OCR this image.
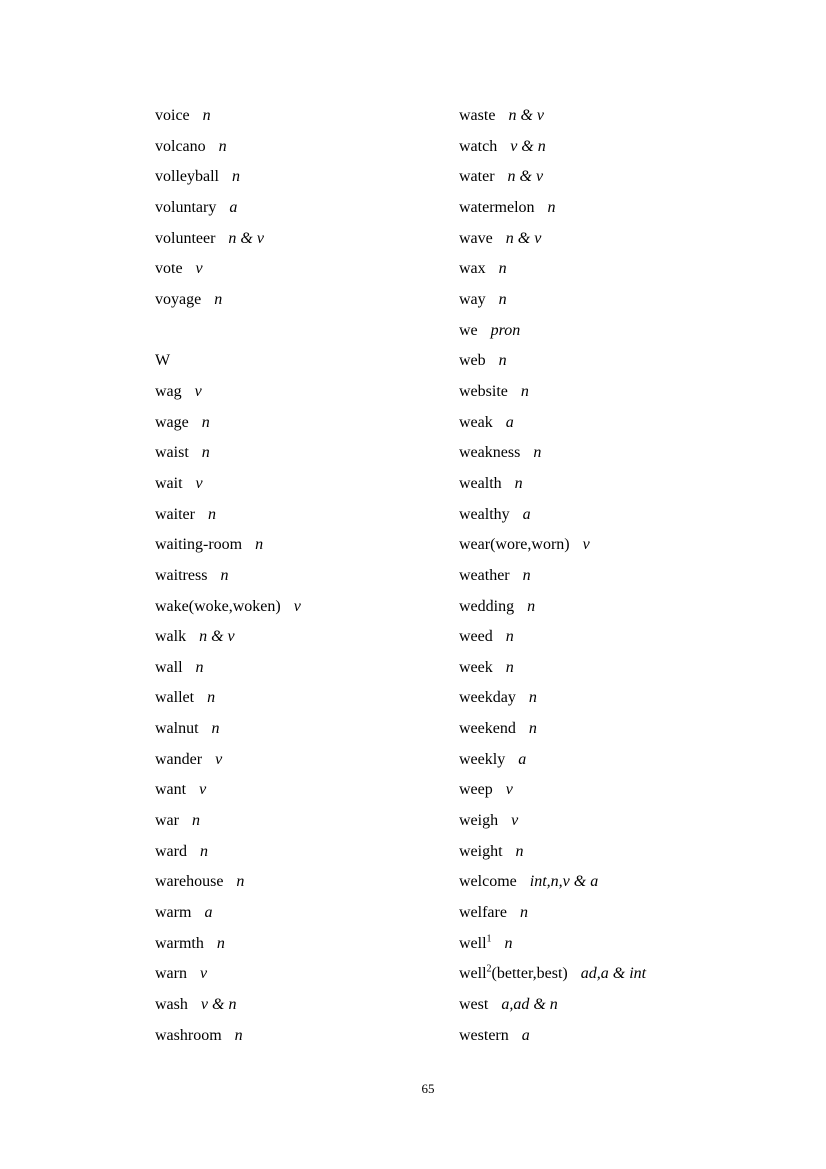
voice n
volcano n
volleyball n
voluntary a
volunteer n & v
vote v
voyage n
W
wag v
wage n
waist n
wait v
waiter n
waiting-room n
waitress n
wake(woke,woken) v
walk n & v
wall n
wallet n
walnut n
wander v
want v
war n
ward n
warehouse n
warm a
warmth n
warn v
wash v & n
washroom n
waste n & v
watch v & n
water n & v
watermelon n
wave n & v
wax n
way n
we pron
web n
website n
weak a
weakness n
wealth n
wealthy a
wear(wore,worn) v
weather n
wedding n
weed n
week n
weekday n
weekend n
weekly a
weep v
weigh v
weight n
welcome int,n,v & a
welfare n
well$^1$ n
well$^2$(better,best) ad,a & int
west a,ad & n
western a
65
